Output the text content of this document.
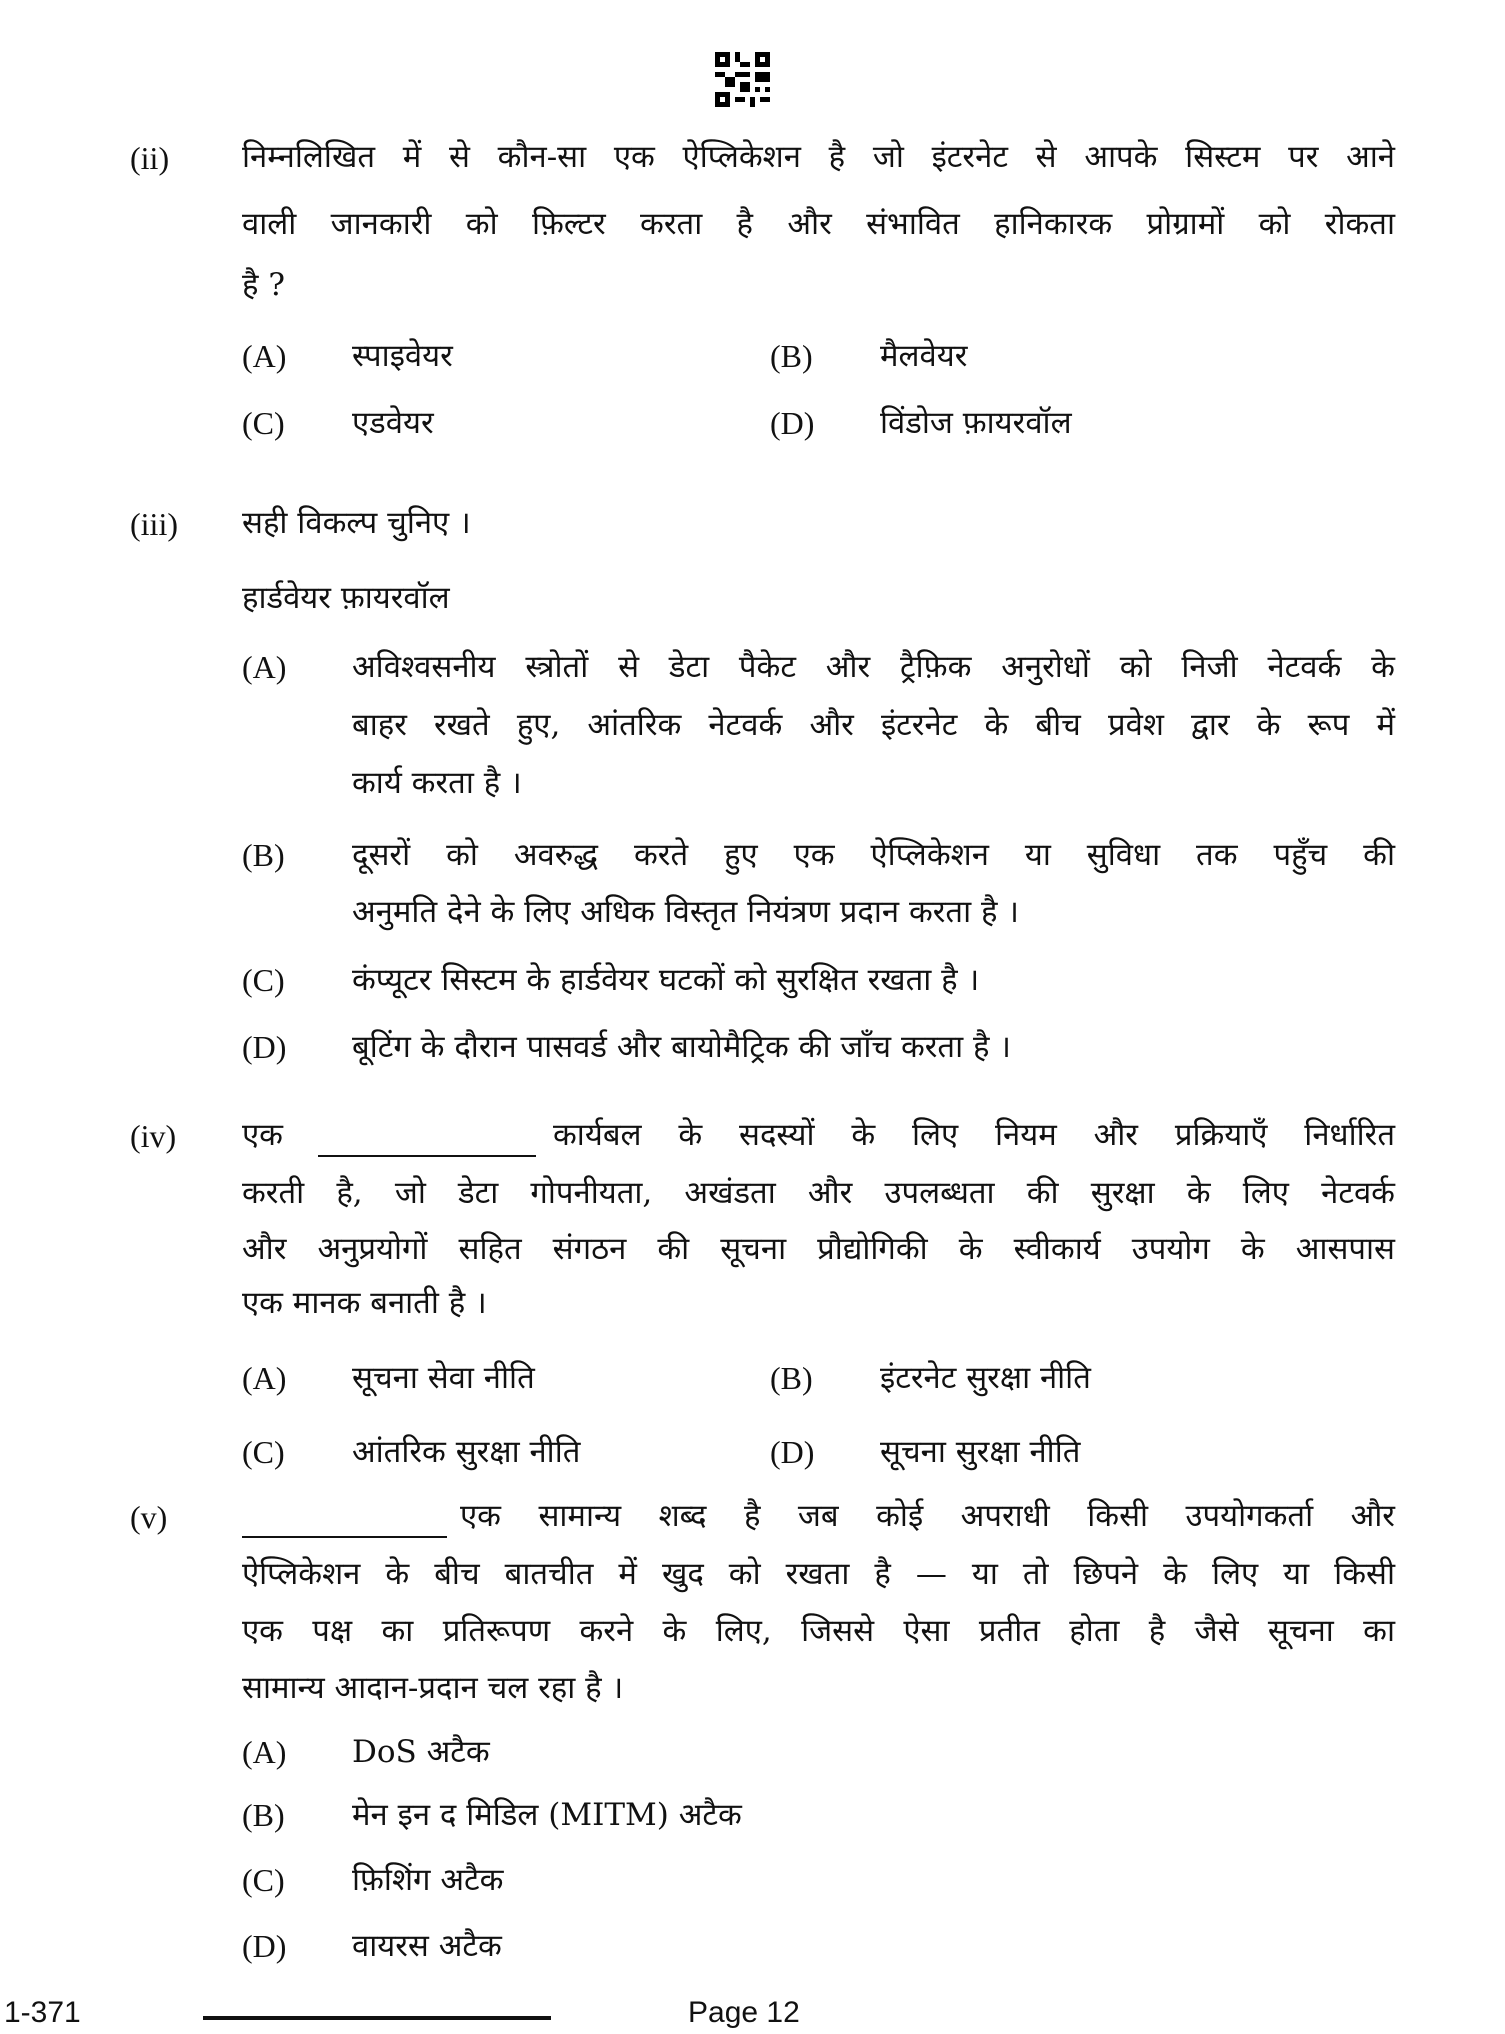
(ii) निम्नलिखित में से कौन-सा एक ऐप्लिकेशन है जो इंटरनेट से आपके सिस्टम पर आने
वाली जानकारी को फ़िल्टर करता है और संभावित हानिकारक प्रोग्रामों को रोकता
है ?
(A) स्पाइवेयर	(B) मैलवेयर
(C) एडवेयर	(D) विंडोज फ़ायरवॉल
(iii) सही विकल्प चुनिए ।
हार्डवेयर फ़ायरवॉल
(A) अविश्वसनीय स्त्रोतों से डेटा पैकेट और ट्रैफ़िक अनुरोधों को निजी नेटवर्क के
बाहर रखते हुए, आंतरिक नेटवर्क और इंटरनेट के बीच प्रवेश द्वार के रूप में
कार्य करता है ।
(B) दूसरों को अवरुद्ध करते हुए एक ऐप्लिकेशन या सुविधा तक पहुँच की
अनुमति देने के लिए अधिक विस्तृत नियंत्रण प्रदान करता है ।
(C) कंप्यूटर सिस्टम के हार्डवेयर घटकों को सुरक्षित रखता है ।
(D) बूटिंग के दौरान पासवर्ड और बायोमैट्रिक की जाँच करता है ।
(iv) एक	कार्यबल के सदस्यों के लिए नियम और प्रक्रियाएँ निर्धारित
करती है, जो डेटा गोपनीयता, अखंडता और उपलब्धता की सुरक्षा के लिए नेटवर्क
और अनुप्रयोगों सहित संगठन की सूचना प्रौद्योगिकी के स्वीकार्य उपयोग के आसपास
एक मानक बनाती है ।
(A) सूचना सेवा नीति	(B) इंटरनेट सुरक्षा नीति
(C) आंतरिक सुरक्षा नीति	(D) सूचना सुरक्षा नीति
(v)	एक सामान्य शब्द है जब कोई अपराधी किसी उपयोगकर्ता और
ऐप्लिकेशन के बीच बातचीत में खुद को रखता है — या तो छिपने के लिए या किसी
एक पक्ष का प्रतिरूपण करने के लिए, जिससे ऐसा प्रतीत होता है जैसे सूचना का
सामान्य आदान-प्रदान चल रहा है ।
(A) DoS अटैक
(B) मेन इन द मिडिल (MITM) अटैक
(C) फ़िशिंग अटैक
(D) वायरस अटैक
1-371	Page 12
